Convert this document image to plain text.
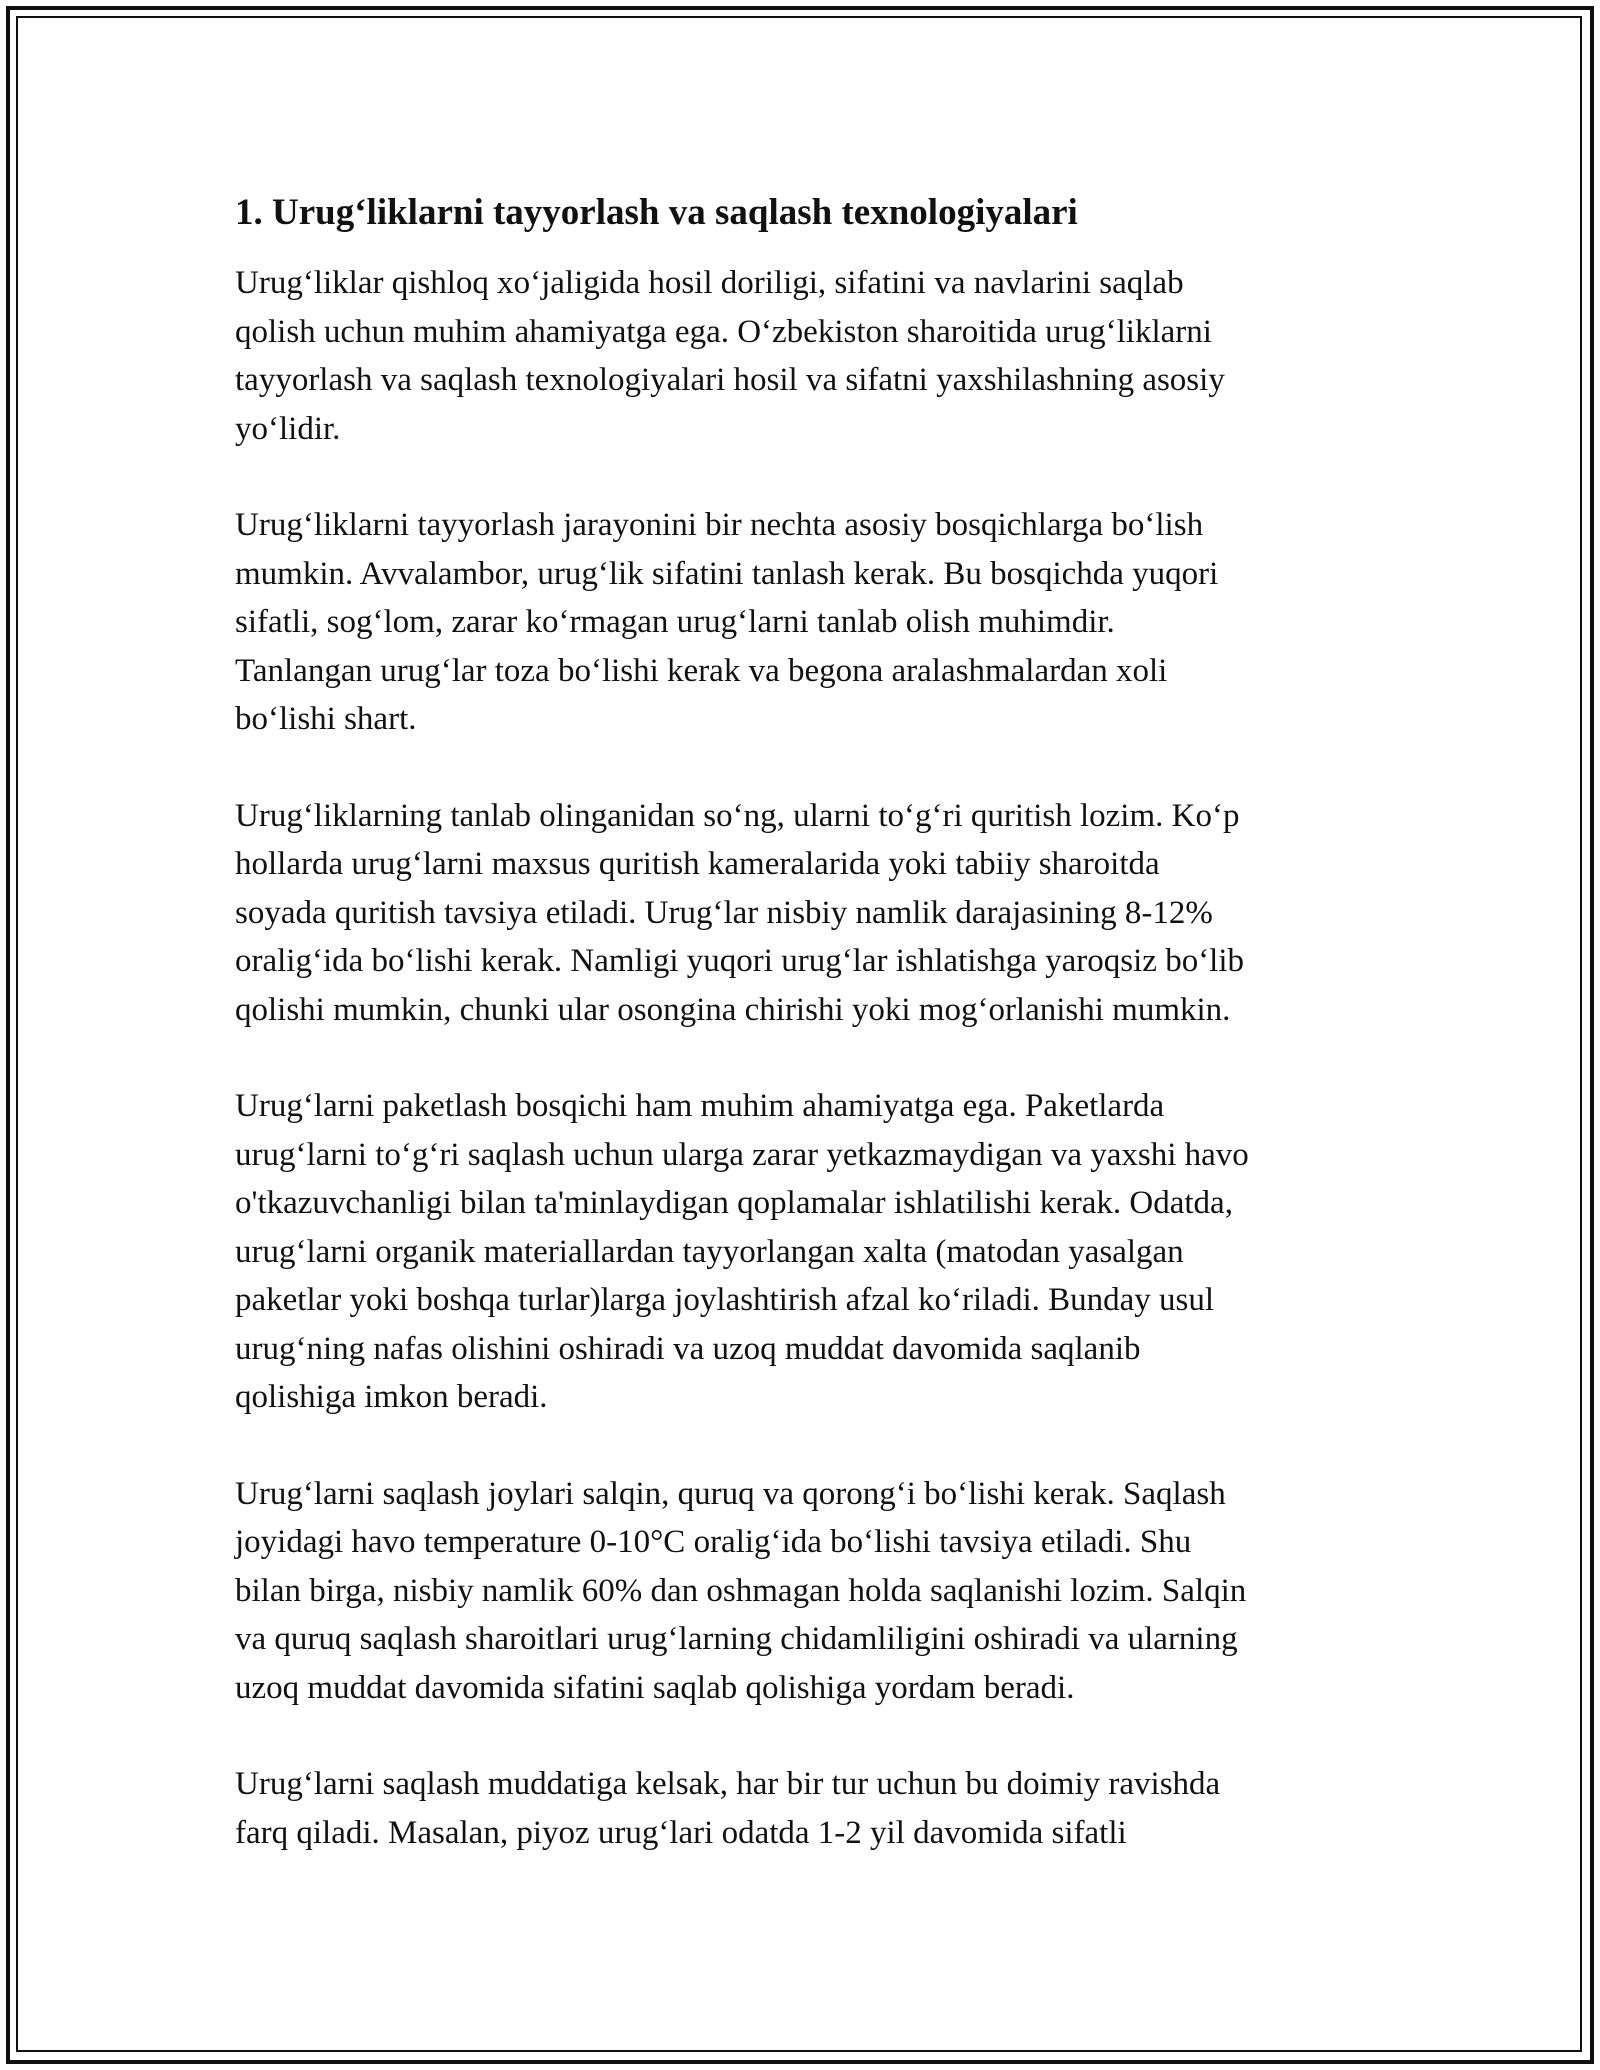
1. Urug‘liklarni tayyorlash va saqlash texnologiyalari

Urug‘liklar qishloq xo‘jaligida hosil doriligi, sifatini va navlarini saqlab
qolish uchun muhim ahamiyatga ega. O‘zbekiston sharoitida urug‘liklarni
tayyorlash va saqlash texnologiyalari hosil va sifatni yaxshilashning asosiy
yo‘lidir.

Urug‘liklarni tayyorlash jarayonini bir nechta asosiy bosqichlarga bo‘lish
mumkin. Avvalambor, urug‘lik sifatini tanlash kerak. Bu bosqichda yuqori
sifatli, sog‘lom, zarar ko‘rmagan urug‘larni tanlab olish muhimdir.
Tanlangan urug‘lar toza bo‘lishi kerak va begona aralashmalardan xoli
bo‘lishi shart.

Urug‘liklarning tanlab olinganidan so‘ng, ularni to‘g‘ri quritish lozim. Ko‘p
hollarda urug‘larni maxsus quritish kameralarida yoki tabiiy sharoitda
soyada quritish tavsiya etiladi. Urug‘lar nisbiy namlik darajasining 8-12%
oralig‘ida bo‘lishi kerak. Namligi yuqori urug‘lar ishlatishga yaroqsiz bo‘lib
qolishi mumkin, chunki ular osongina chirishi yoki mog‘orlanishi mumkin.

Urug‘larni paketlash bosqichi ham muhim ahamiyatga ega. Paketlarda
urug‘larni to‘g‘ri saqlash uchun ularga zarar yetkazmaydigan va yaxshi havo
o'tkazuvchanligi bilan ta'minlaydigan qoplamalar ishlatilishi kerak. Odatda,
urug‘larni organik materiallardan tayyorlangan xalta (matodan yasalgan
paketlar yoki boshqa turlar)larga joylashtirish afzal ko‘riladi. Bunday usul
urug‘ning nafas olishini oshiradi va uzoq muddat davomida saqlanib
qolishiga imkon beradi.

Urug‘larni saqlash joylari salqin, quruq va qorong‘i bo‘lishi kerak. Saqlash
joyidagi havo temperature 0-10°C oralig‘ida bo‘lishi tavsiya etiladi. Shu
bilan birga, nisbiy namlik 60% dan oshmagan holda saqlanishi lozim. Salqin
va quruq saqlash sharoitlari urug‘larning chidamliligini oshiradi va ularning
uzoq muddat davomida sifatini saqlab qolishiga yordam beradi.

Urug‘larni saqlash muddatiga kelsak, har bir tur uchun bu doimiy ravishda
farq qiladi. Masalan, piyoz urug‘lari odatda 1-2 yil davomida sifatli
